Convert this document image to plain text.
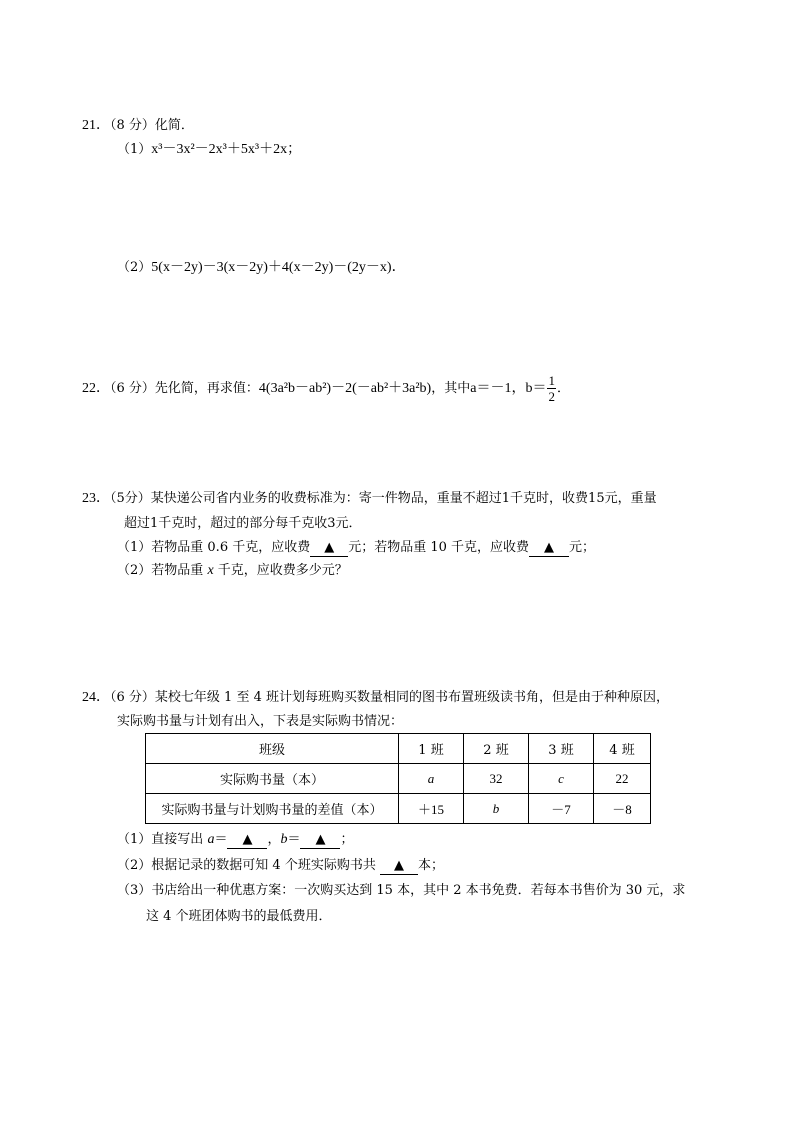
21．（8 分）化简．
（1）x³－3x²－2x³＋5x³＋2x；
（2）5(x－2y)－3(x－2y)＋4(x－2y)－(2y－x)．
22．（6 分）先化简，再求值：4(3a²b－ab²)－2(－ab²＋3a²b)，其中a＝－1，$b= \frac{1}{2}$ ．
23．（5分）某快递公司省内业务的收费标准为：寄一件物品，重量不超过1千克时，收费15元，重量
超过1千克时，超过的部分每千克收3元．
（1）若物品重 0.6 千克，应收费 ▲ 元；若物品重 10 千克，应收费 ▲ 元；
（2）若物品重 x 千克，应收费多少元？
24．（6 分）某校七年级 1 至 4 班计划每班购买数量相同的图书布置班级读书角，但是由于种种原因，
实际购书量与计划有出入，下表是实际购书情况：
班级	1 班	2 班	3 班	4 班
实际购书量（本）	a	32	c	22
实际购书量与计划购书量的差值（本）	＋15	b	－7	－8
（1）直接写出 a＝ ▲ ，b＝ ▲ ；
（2）根据记录的数据可知 4 个班实际购书共 ▲ 本；
（3）书店给出一种优惠方案：一次购买达到 15 本，其中 2 本书免费．若每本书售价为 30 元，求
这 4 个班团体购书的最低费用．
